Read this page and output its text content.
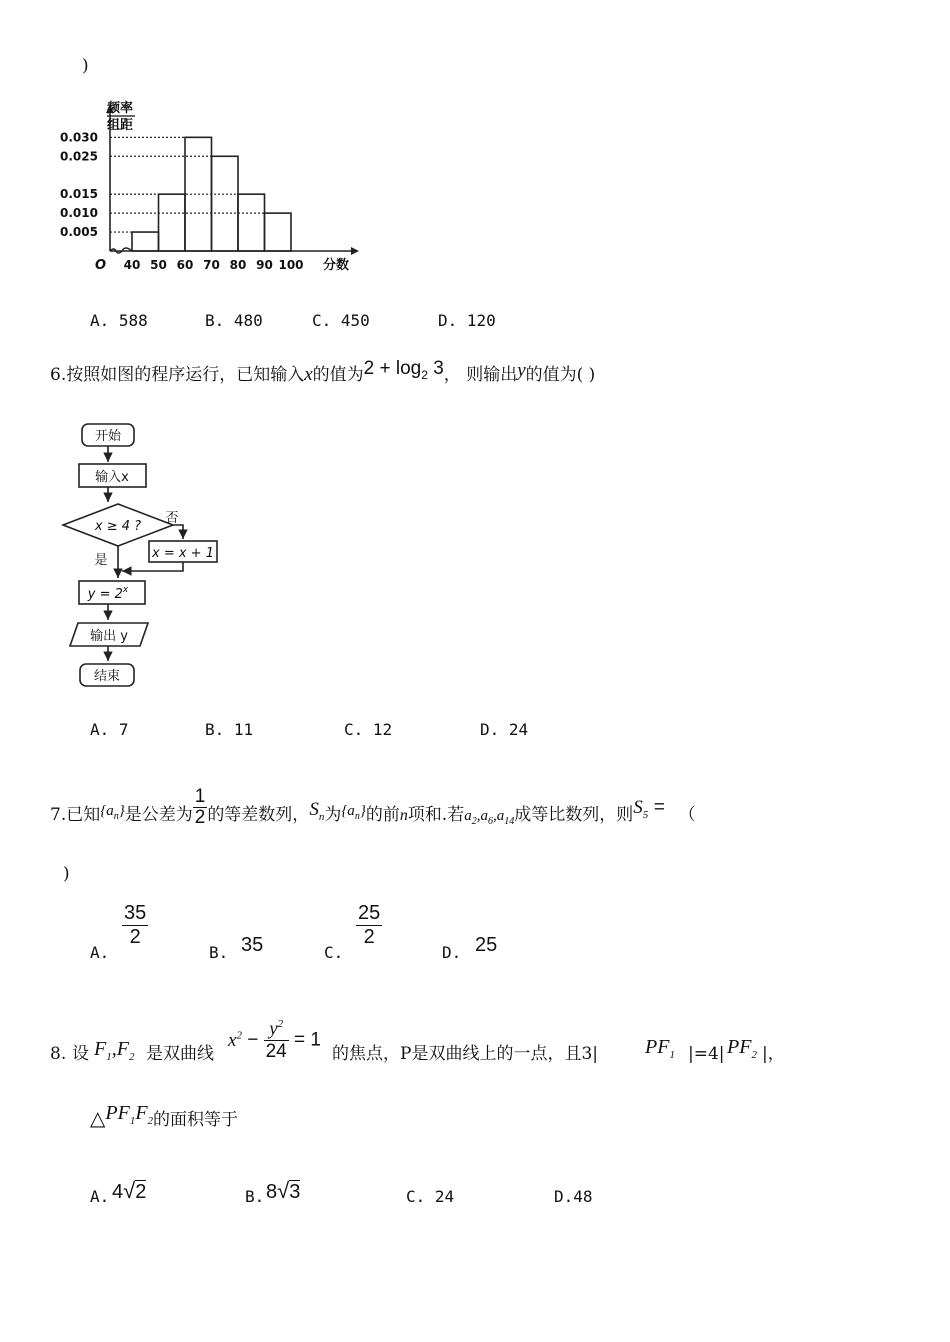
)
频率
组距
0.030
0.025
0.015
0.010
0.005
O 40 50 60 70 80 90 100 分数
A. 588	B. 480	C. 450	D. 120
6.按照如图的程序运行，已知输入x的值为$2 + \log_2 3$， 则输出y的值为( )
开始
输入x
x ≥ 4 ?
否
是	x = x + 1
$y = 2^x$
输出 y
结束
A. 7	B. 11	C. 12	D. 24
7.已知$\{a_n\}$是公差为 $\frac{1}{2}$ 的等差数列，$S_n$为$\{a_n\}$的前n项和.若$a_2,a_6,a_{14}$成等比数列，则$S_5$ = （
)
A.
$\frac{35}{2}$
B. 35	C.
$\frac{25}{2}$
D. 25
8. 设 $F_1,F_2$ 是双曲线
$x^2 - \frac{y^2}{24} = 1$
的焦点，P是双曲线上的一点，且3| $PF_1$ |=4| $PF_2$ |，
$\triangle PF_1F_2$的面积等于
A. 4√2	B. 8√3	C. 24	D.48
